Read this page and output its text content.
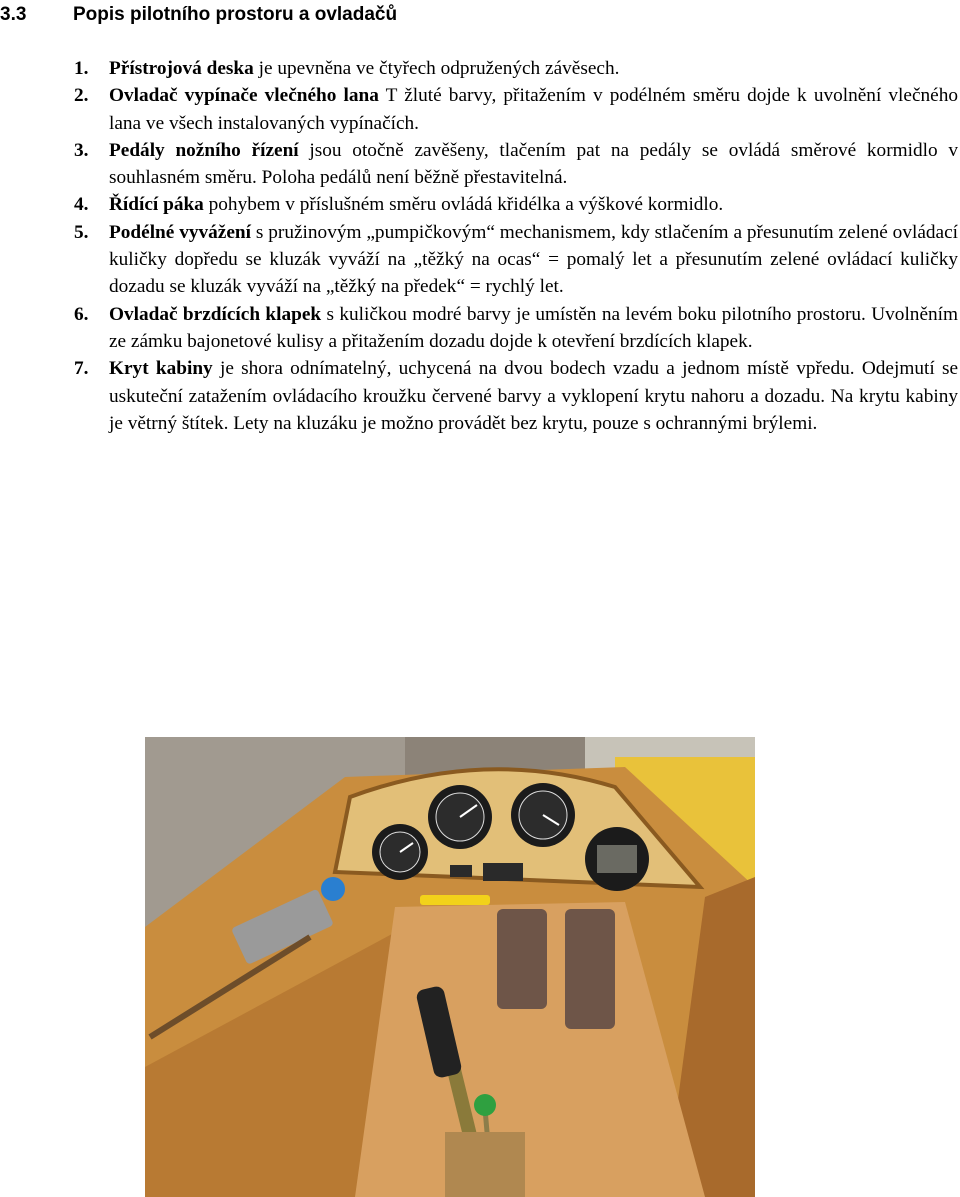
3.3 Popis pilotního prostoru a ovladačů
1. Přístrojová deska je upevněna ve čtyřech odpružených závěsech.
2. Ovladač vypínače vlečného lana T žluté barvy, přitažením v podélném směru dojde k uvolnění vlečného lana ve všech instalovaných vypínačích.
3. Pedály nožního řízení jsou otočně zavěšeny, tlačením pat na pedály se ovládá směrové kormidlo v souhlasném směru. Poloha pedálů není běžně přestavitelná.
4. Řídící páka pohybem v příslušném směru ovládá křidélka a výškové kormidlo.
5. Podélné vyvážení s pružinovým „pumpičkovým“ mechanismem, kdy stlačením a přesunutím zelené ovládací kuličky dopředu se kluzák vyváží na „těžký na ocas“ = pomalý let a přesunutím zelené ovládací kuličky dozadu se kluzák vyváží na „těžký na předek“ = rychlý let.
6. Ovladač brzdících klapek s kuličkou modré barvy je umístěn na levém boku pilotního prostoru. Uvolněním ze zámku bajonetové kulisy a přitažením dozadu dojde k otevření brzdících klapek.
7. Kryt kabiny je shora odnímatelný, uchycená na dvou bodech vzadu a jednom místě vpředu. Odejmutí se uskuteční zatažením ovládacího kroužku červené barvy a vyklopení krytu nahoru a dozadu. Na krytu kabiny je větrný štítek. Lety na kluzáku je možno provádět bez krytu, pouze s ochrannými brýlemi.
